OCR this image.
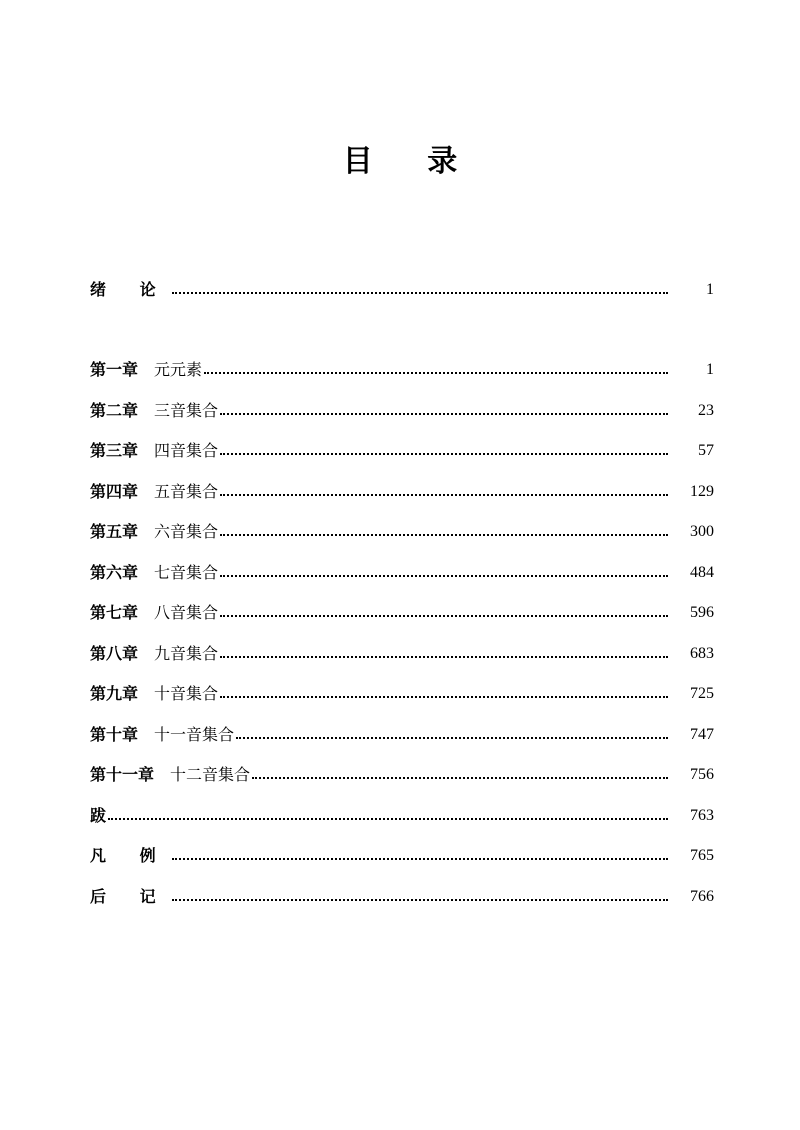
目 录
绪 论	1
第一章 元元素	1
第二章 三音集合	23
第三章 四音集合	57
第四章 五音集合	129
第五章 六音集合	300
第六章 七音集合	484
第七章 八音集合	596
第八章 九音集合	683
第九章 十音集合	725
第十章 十一音集合	747
第十一章 十二音集合	756
跋	763
凡 例	765
后 记	766
